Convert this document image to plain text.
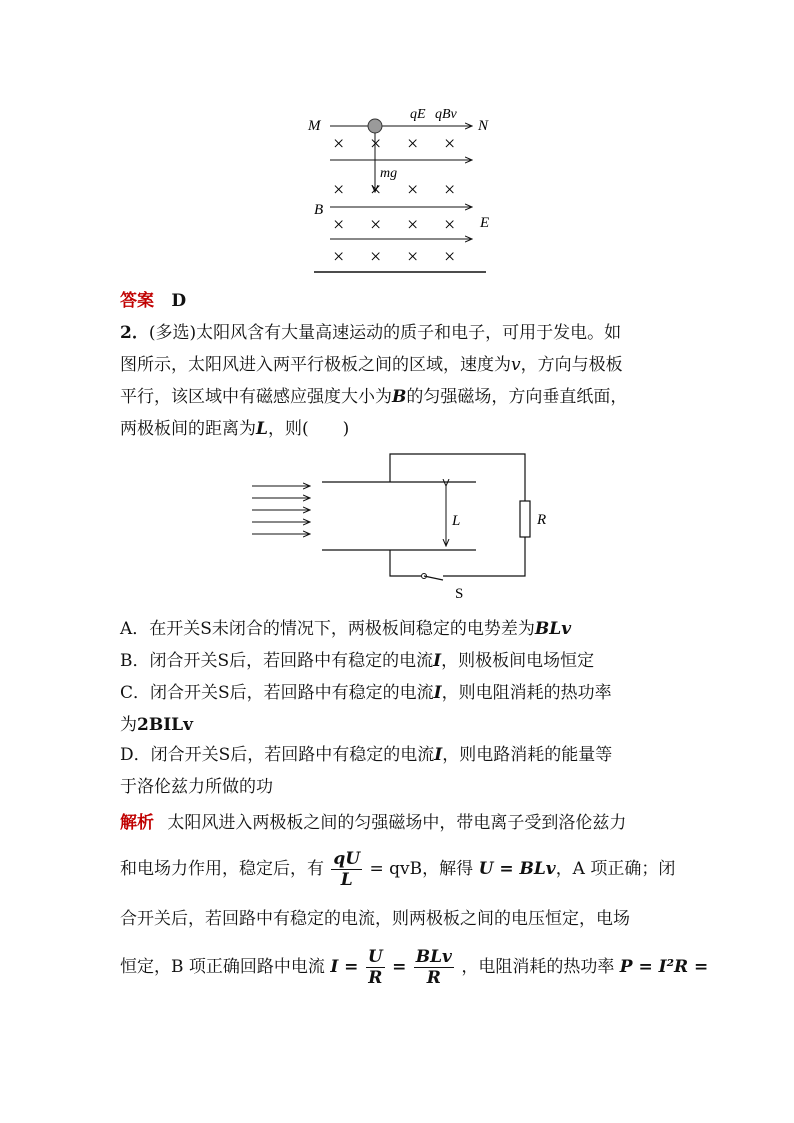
M	N
qE qBv
mg
× × × ×
× × × ×
B
× × × × E
× × × ×
答案 D
2．(多选)太阳风含有大量高速运动的质子和电子，可用于发电。如
图所示，太阳风进入两平行极板之间的区域，速度为v，方向与极板
平行，该区域中有磁感应强度大小为B的匀强磁场，方向垂直纸面，
两极板间的距离为L，则(　　)
R
S
L
A．在开关S未闭合的情况下，两极板间稳定的电势差为BLv
B．闭合开关S后，若回路中有稳定的电流I，则极板间电场恒定
C．闭合开关S后，若回路中有稳定的电流I，则电阻消耗的热功率
为2BILv
D．闭合开关S后，若回路中有稳定的电流I，则电路消耗的能量等
于洛伦兹力所做的功
解析 太阳风进入两极板之间的匀强磁场中，带电离子受到洛伦兹力
和电场力作用，稳定后，有 $\frac{qU}{L}$ = qvB，解得 U = BLv，A 项正确；闭
合开关后，若回路中有稳定的电流，则两极板之间的电压恒定，电场
恒定，B 项正确回路中电流 $I = \frac{U}{R} = \frac{\text{BLv}}{R}$ ，电阻消耗的热功率 P = I²R =
